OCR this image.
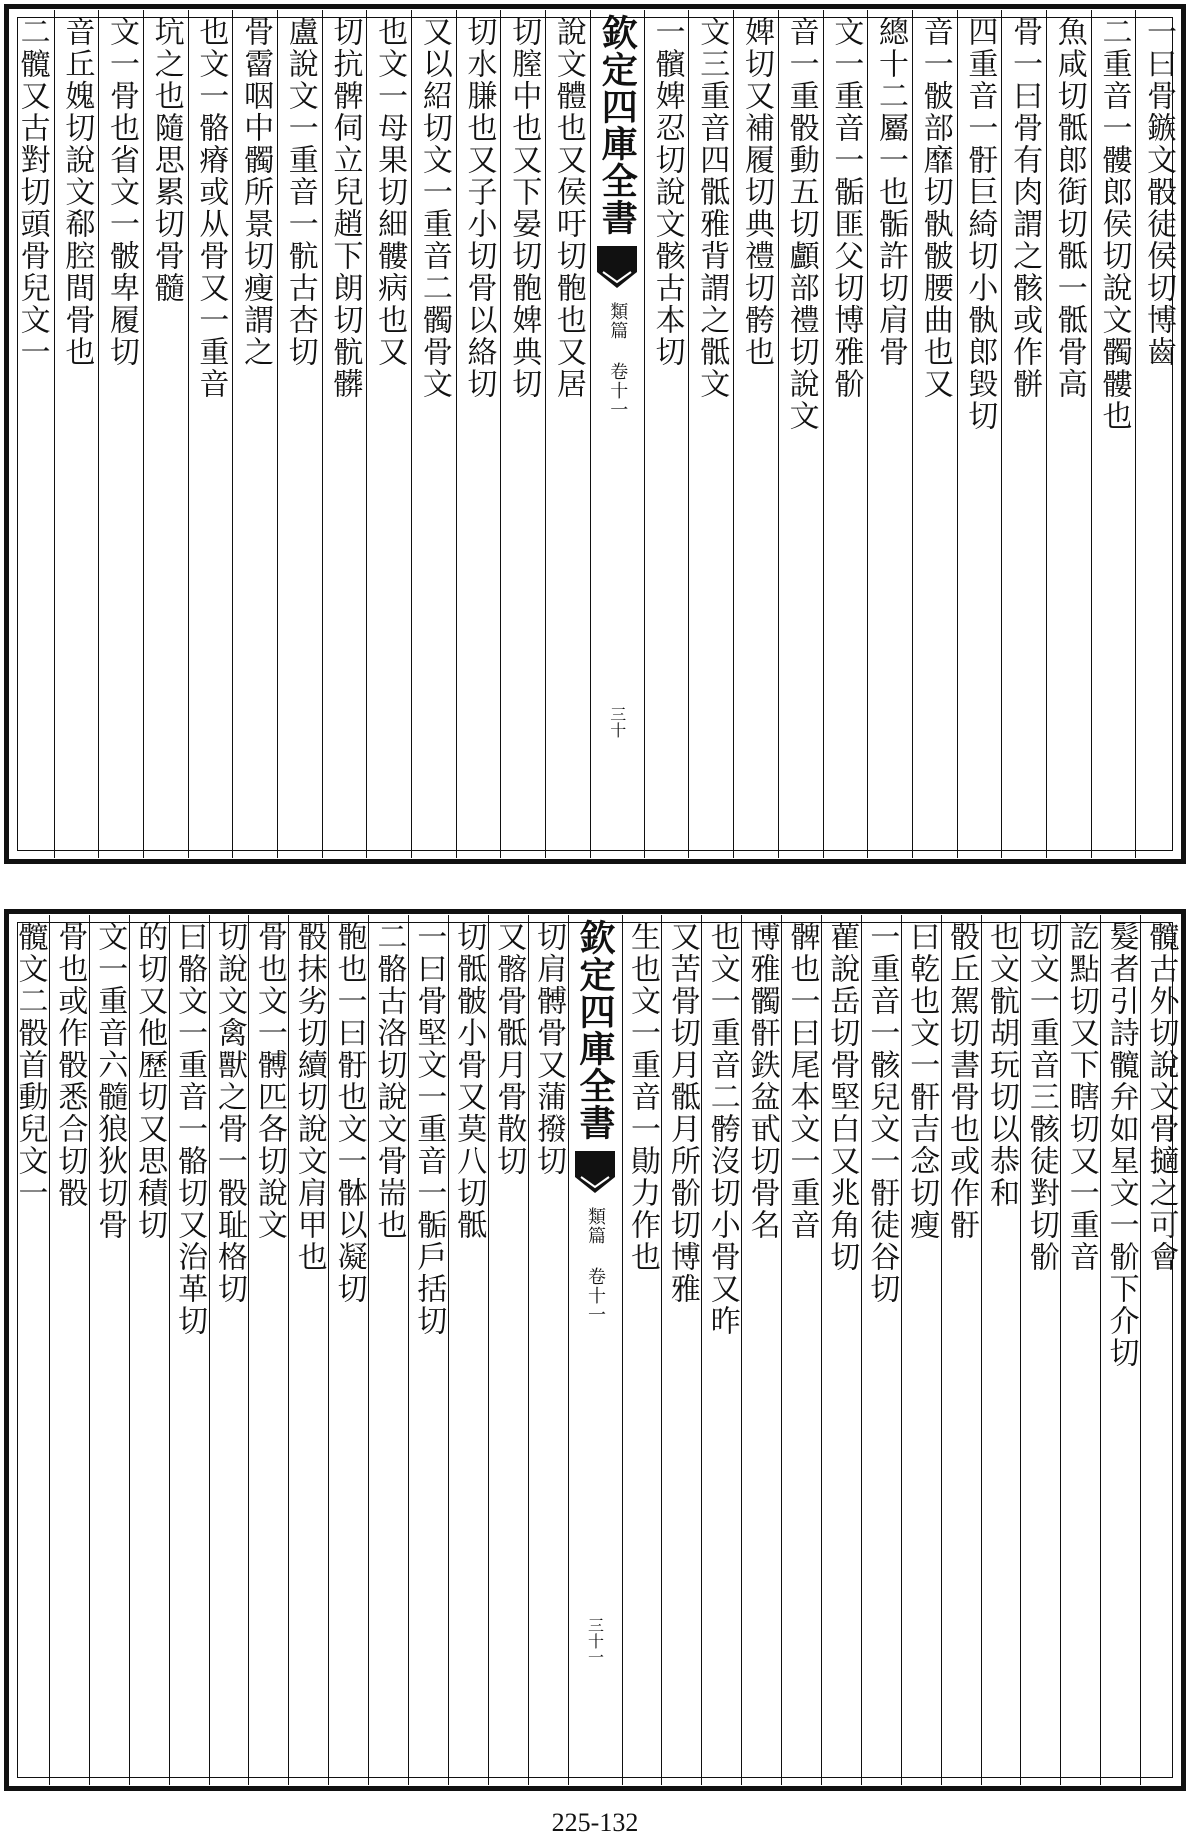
一曰骨鏃文骰徒侯切博齒
二重音一髏郎侯切說文髑髏也
魚咸切骶郎衘切骶一骶骨高
骨一曰骨有肉謂之骸或作骿
四重音一骬巨綺切小骫郎毀切
音一骳部靡切骫骳腰曲也又
總十二屬一也骺許切肩骨
文一重音一骺匪父切博雅骱
音一重骰動五切顱部禮切說文
婢切又補履切典禮切骻也
文三重音四骶雅背謂之骶文
一髕婢忍切說文骸古本切
欽定四庫全書
類篇 卷十一
三十
說文體也又侯吁切骲也又居
切膣中也又下晏切骲婢典切
切水膁也又子小切骨以絡切
又以紹切文一重音二髑骨文
也文一母果切細髏病也又
切抗髀伺立兒趙下朗切骯髒
盧說文一重音一骯古杏切
骨霤咽中髑所景切瘦謂之
也文一骼瘠或从骨又一重音
坑之也隨思累切骨髓
文一骨也省文一骳卑履切
音丘媿切說文郗腔間骨也
二髖又古對切頭骨兒文一
髖古外切說文骨擿之可會
髮者引詩髖弁如星文一骱下介切
訖點切又下瞎切又一重音
切文一重音三骸徒對切骱
也文骯胡玩切以恭和
骰丘駕切書骨也或作骬
曰乾也文一骭吉念切瘦
一重音一骸兒文一骬徒谷切
雚說岳切骨堅白又兆角切
髀也一曰尾本文一重音
博雅髑骭鉄盆甙切骨名
也文一重音二骻沒切小骨又昨
又苦骨切月骶月所骱切博雅
生也文一重音一勛力作也
欽定四庫全書
類篇 卷十一
三十一
切肩髆骨又蒲撥切
又髂骨骶月骨散切
切骶骳小骨又莫八切骶
一曰骨堅文一重音一骺戶括切
二骼古洛切說文骨耑也
骲也一曰骬也文一骵以凝切
骰抹劣切續切說文肩甲也
骨也文一髆匹各切說文
切說文禽獸之骨一骰耻格切
曰骼文一重音一骼切又治革切
的切又他歷切又思積切
文一重音六髓狼狄切骨
骨也或作骰悉合切骰
髖文二骰首動兒文一
225-132
